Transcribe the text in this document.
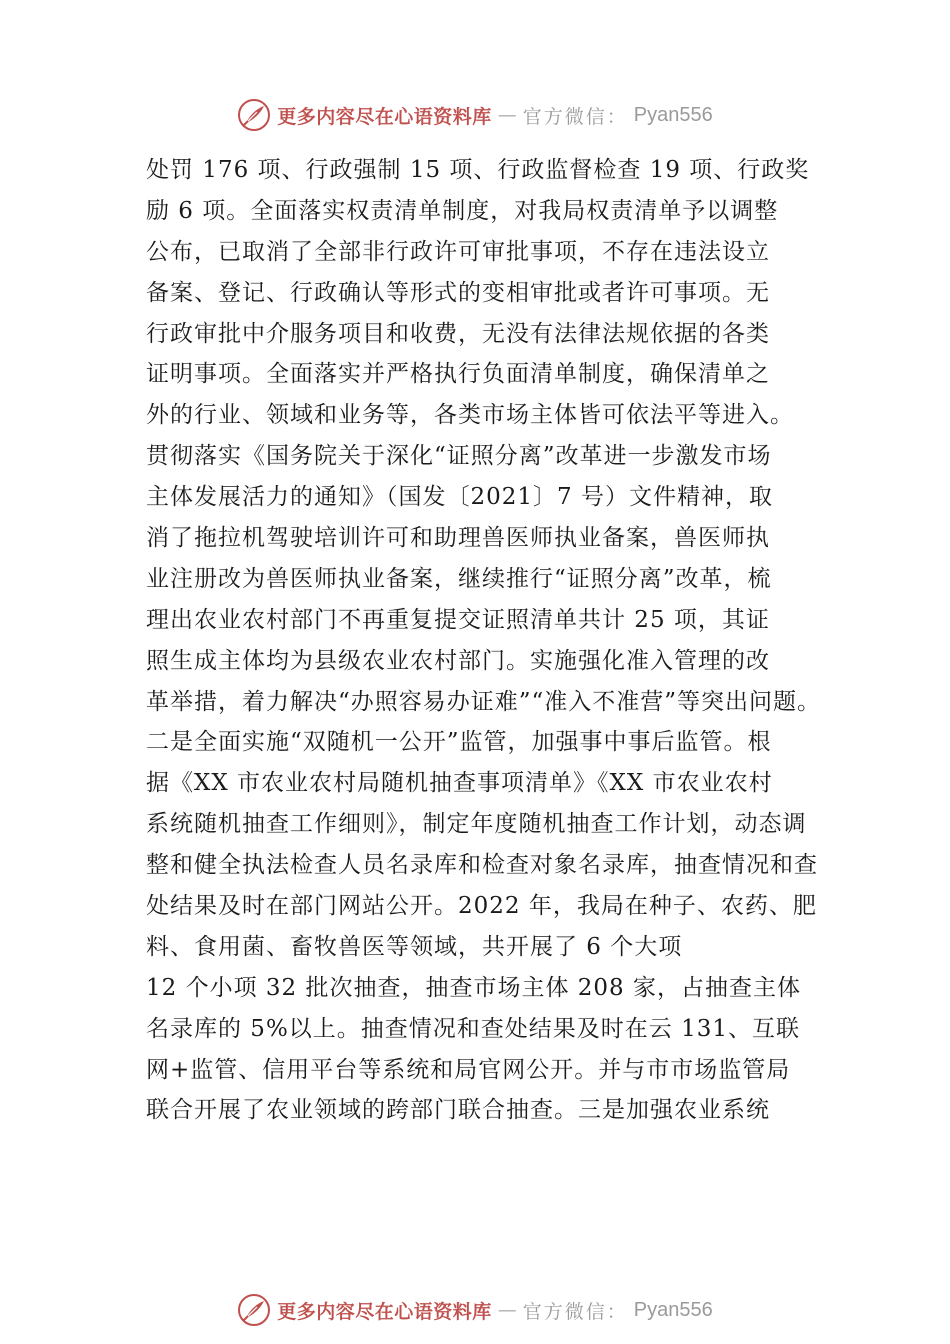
更多内容尽在心语资料库 — 官方微信： Pyan556
处罚 176 项、行政强制 15 项、行政监督检查 19 项、行政奖
励 6 项。全面落实权责清单制度，对我局权责清单予以调整
公布，已取消了全部非行政许可审批事项，不存在违法设立
备案、登记、行政确认等形式的变相审批或者许可事项。无
行政审批中介服务项目和收费，无没有法律法规依据的各类
证明事项。全面落实并严格执行负面清单制度，确保清单之
外的行业、领域和业务等，各类市场主体皆可依法平等进入。
贯彻落实《国务院关于深化“证照分离”改革进一步激发市场
主体发展活力的通知》（国发〔2021〕7 号）文件精神，取
消了拖拉机驾驶培训许可和助理兽医师执业备案，兽医师执
业注册改为兽医师执业备案，继续推行“证照分离”改革，梳
理出农业农村部门不再重复提交证照清单共计 25 项，其证
照生成主体均为县级农业农村部门。实施强化准入管理的改
革举措，着力解决“办照容易办证难”“准入不准营”等突出问题。
二是全面实施“双随机一公开”监管，加强事中事后监管。根
据《XX 市农业农村局随机抽查事项清单》《XX 市农业农村
系统随机抽查工作细则》，制定年度随机抽查工作计划，动态调
整和健全执法检查人员名录库和检查对象名录库，抽查情况和查
处结果及时在部门网站公开。2022 年，我局在种子、农药、肥
料、食用菌、畜牧兽医等领域，共开展了 6 个大项
12 个小项 32 批次抽查，抽查市场主体 208 家，占抽查主体
名录库的 5%以上。抽查情况和查处结果及时在云 131、互联
网+监管、信用平台等系统和局官网公开。并与市市场监管局
联合开展了农业领域的跨部门联合抽查。三是加强农业系统
更多内容尽在心语资料库 — 官方微信： Pyan556
